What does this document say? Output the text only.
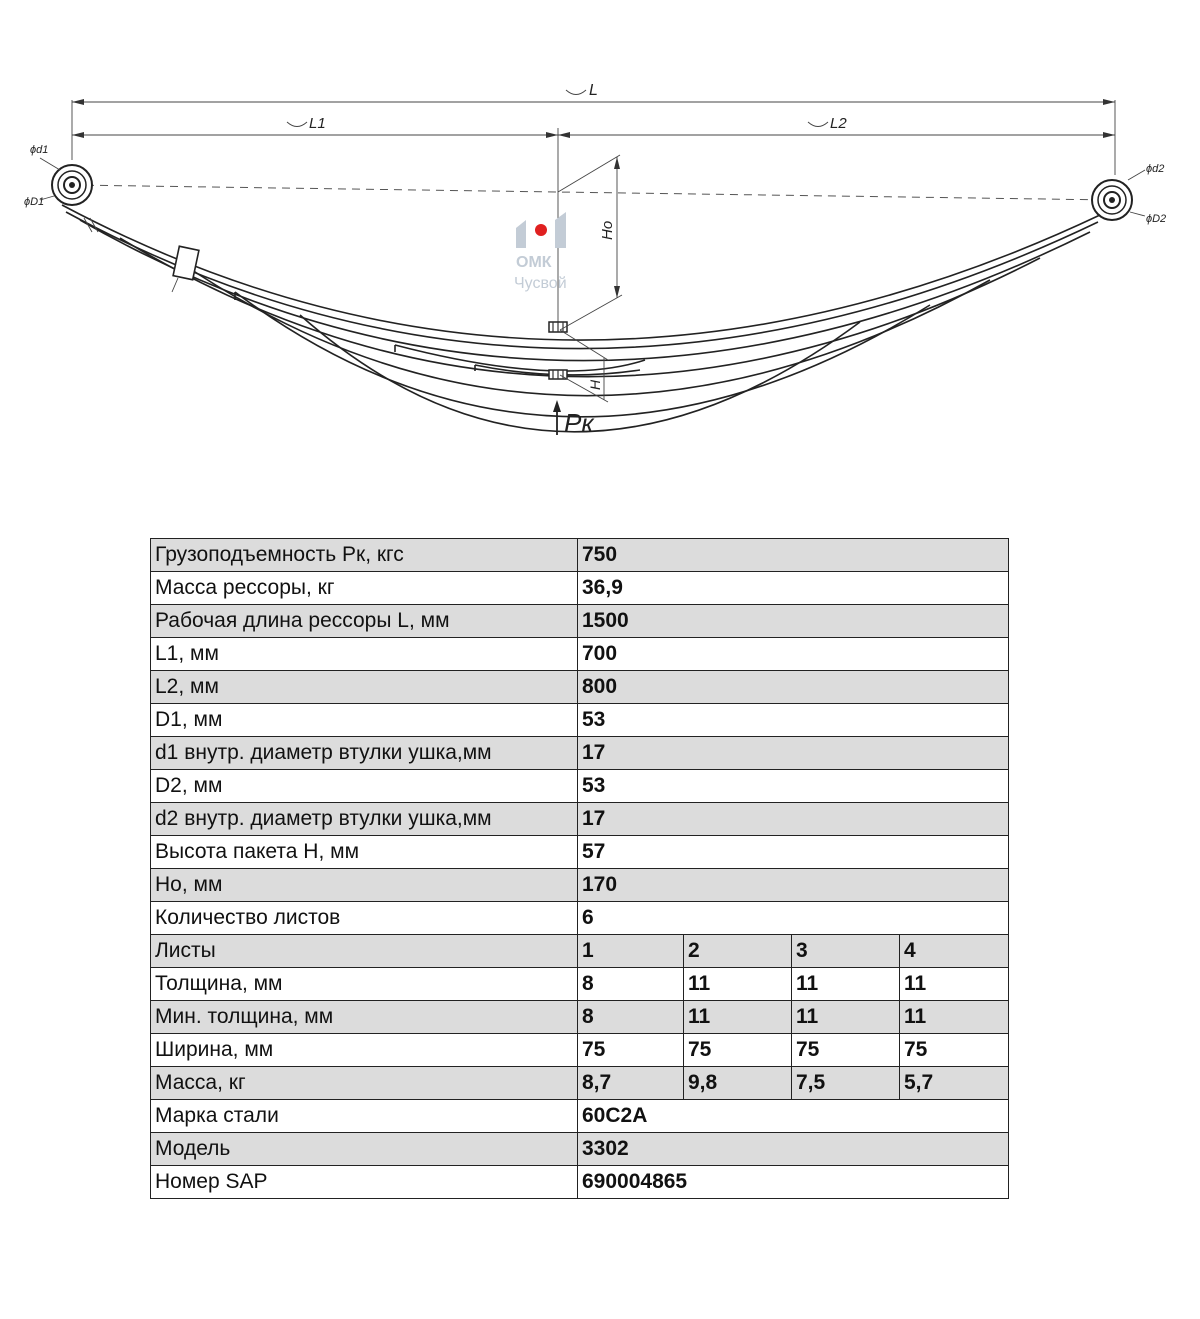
L
L1	L2
ϕd1
ϕD1
ϕd2
ϕD2
Ho
H
Pк
ОМК
Чусвой
Грузоподъемность Рк, кгс	750			
Масса рессоры, кг	36,9			
Рабочая длина рессоры L, мм	1500			
L1, мм	700			
L2, мм	800			
D1, мм	53			
d1 внутр. диаметр втулки ушка,мм	17			
D2, мм	53			
d2 внутр. диаметр втулки ушка,мм	17			
Высота пакета H, мм	57			
Ho, мм	170			
Количество листов	6			
Листы	1	2	3	4
Толщина, мм	8	11	11	11
Мин. толщина, мм	8	11	11	11
Ширина, мм	75	75	75	75
Масса, кг	8,7	9,8	7,5	5,7
Марка стали	60С2А			
Модель	3302			
Номер SAP	690004865			
